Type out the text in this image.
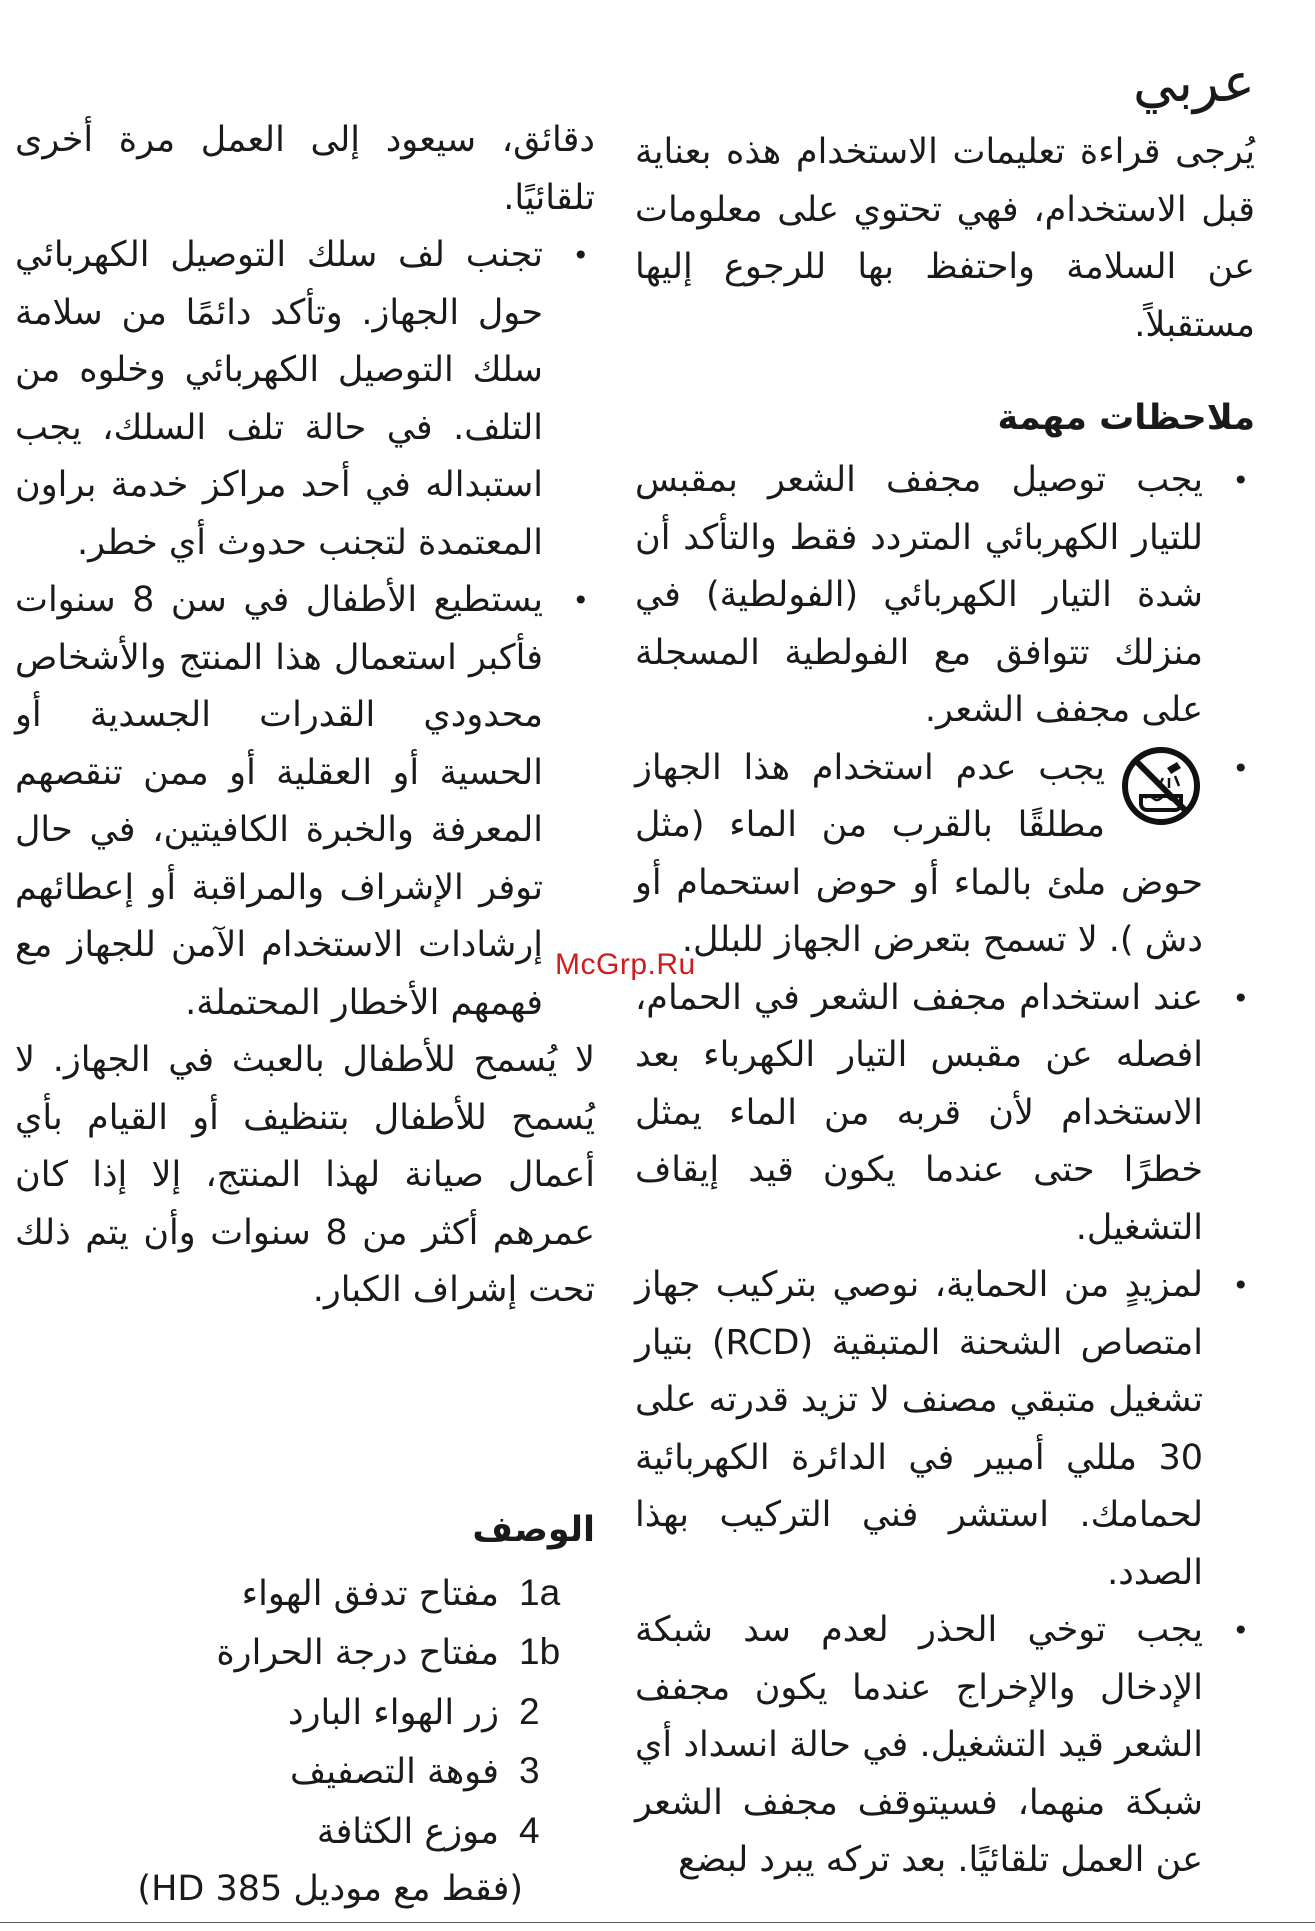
عربي

يُرجى قراءة تعليمات الاستخدام هذه بعناية قبل الاستخدام، فهي تحتوي على معلومات عن السلامة واحتفظ بها للرجوع إليها مستقبلاً.

ملاحظات مهمة
•
يجب توصيل مجفف الشعر بمقبس للتيار الكهربائي المتردد فقط والتأكد أن شدة التيار الكهربائي (الفولطية) في منزلك تتوافق مع الفولطية المسجلة على مجفف الشعر.
•
يجب عدم استخدام هذا الجهاز مطلقًا بالقرب من الماء (مثل حوض ملئ بالماء أو حوض استحمام أو دش ). لا تسمح بتعرض الجهاز للبلل.
•
عند استخدام مجفف الشعر في الحمام، افصله عن مقبس التيار الكهرباء بعد الاستخدام لأن قربه من الماء يمثل خطرًا حتى عندما يكون قيد إيقاف التشغيل.
•
لمزيدٍ من الحماية، نوصي بتركيب جهاز امتصاص الشحنة المتبقية (RCD) بتيار تشغيل متبقي مصنف لا تزيد قدرته على 30 مللي أمبير في الدائرة الكهربائية لحمامك. استشر فني التركيب بهذا الصدد.
•
يجب توخي الحذر لعدم سد شبكة الإدخال والإخراج عندما يكون مجفف الشعر قيد التشغيل. في حالة انسداد أي شبكة منهما، فسيتوقف مجفف الشعر عن العمل تلقائيًا. بعد تركه يبرد لبضع

دقائق، سيعود إلى العمل مرة أخرى تلقائيًا.

•
تجنب لف سلك التوصيل الكهربائي حول الجهاز. وتأكد دائمًا من سلامة سلك التوصيل الكهربائي وخلوه من التلف. في حالة تلف السلك، يجب استبداله في أحد مراكز خدمة براون المعتمدة لتجنب حدوث أي خطر.
•
يستطيع الأطفال في سن 8 سنوات فأكبر استعمال هذا المنتج والأشخاص محدودي القدرات الجسدية أو الحسية أو العقلية أو ممن تنقصهم المعرفة والخبرة الكافيتين، في حال توفر الإشراف والمراقبة أو إعطائهم إرشادات الاستخدام الآمن للجهاز مع فهمهم الأخطار المحتملة.

لا يُسمح للأطفال بالعبث في الجهاز. لا يُسمح للأطفال بتنظيف أو القيام بأي أعمال صيانة لهذا المنتج، إلا إذا كان عمرهم أكثر من 8 سنوات وأن يتم ذلك تحت إشراف الكبار.

الوصف
1a
مفتاح تدفق الهواء
1b
مفتاح درجة الحرارة
2
زر الهواء البارد
3
فوهة التصفيف
4
موزع الكثافة
(فقط مع موديل HD 385)
McGrp.Ru
